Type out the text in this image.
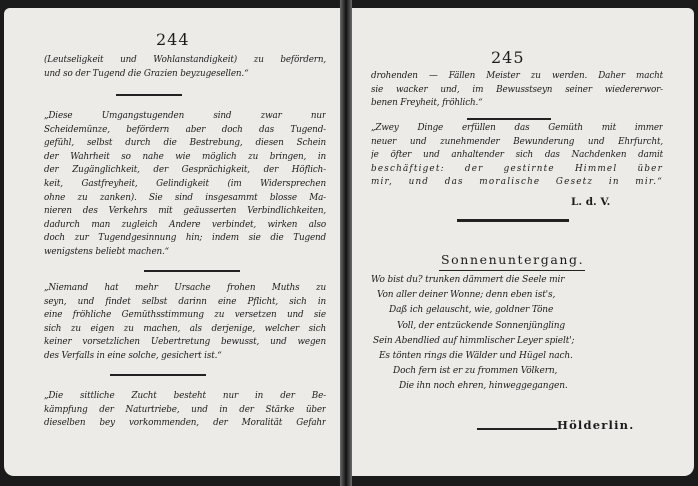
244

(Leutseligkeit und Wohlanstandigkeit) zu befördern,
und so der Tugend die Grazien beyzugesellen.“
„Diese Umgangstugenden sind zwar nur
Scheidemünze, befördern aber doch das Tugend-
gefühl, selbst durch die Bestrebung, diesen Schein
der Wahrheit so nahe wie möglich zu bringen, in
der Zugänglichkeit, der Gesprächigkeit, der Höflich-
keit, Gastfreyheit, Gelindigkeit (im Widersprechen
ohne zu zanken). Sie sind insgesammt blosse Ma-
nieren des Verkehrs mit geäusserten Verbindlichkeiten,
dadurch man zugleich Andere verbindet, wirken also
doch zur Tugendgesinnung hin; indem sie die Tugend
wenigstens beliebt machen.“
„Niemand hat mehr Ursache frohen Muths zu
seyn, und findet selbst darinn eine Pflicht, sich in
eine fröhliche Gemüthsstimmung zu versetzen und sie
sich zu eigen zu machen, als derjenige, welcher sich
keiner vorsetzlichen Uebertretung bewusst, und wegen
des Verfalls in eine solche, gesichert ist.“
„Die sittliche Zucht besteht nur in der Be-
kämpfung der Naturtriebe, und in der Stärke über
dieselben bey vorkommenden, der Moralität Gefahr

245

drohenden — Fällen Meister zu werden. Daher macht
sie wacker und, im Bewusstseyn seiner wiedererwor-
benen Freyheit, fröhlich.“
„Zwey Dinge erfüllen das Gemüth mit immer
neuer und zunehmender Bewunderung und Ehrfurcht,
je öfter und anhaltender sich das Nachdenken damit
beschäftiget: der gestirnte Himmel über
mir, und das moralische Gesetz in mir.“

L. d. V.

Sonnenuntergang.

Wo bist du? trunken dämmert die Seele mir
Von aller deiner Wonne; denn eben ist's,
Daß ich gelauscht, wie, goldner Töne
Voll, der entzückende Sonnenjüngling
Sein Abendlied auf himmlischer Leyer spielt';
Es tönten rings die Wälder und Hügel nach.
Doch fern ist er zu frommen Völkern,
Die ihn noch ehren, hinweggegangen.

Hölderlin.
